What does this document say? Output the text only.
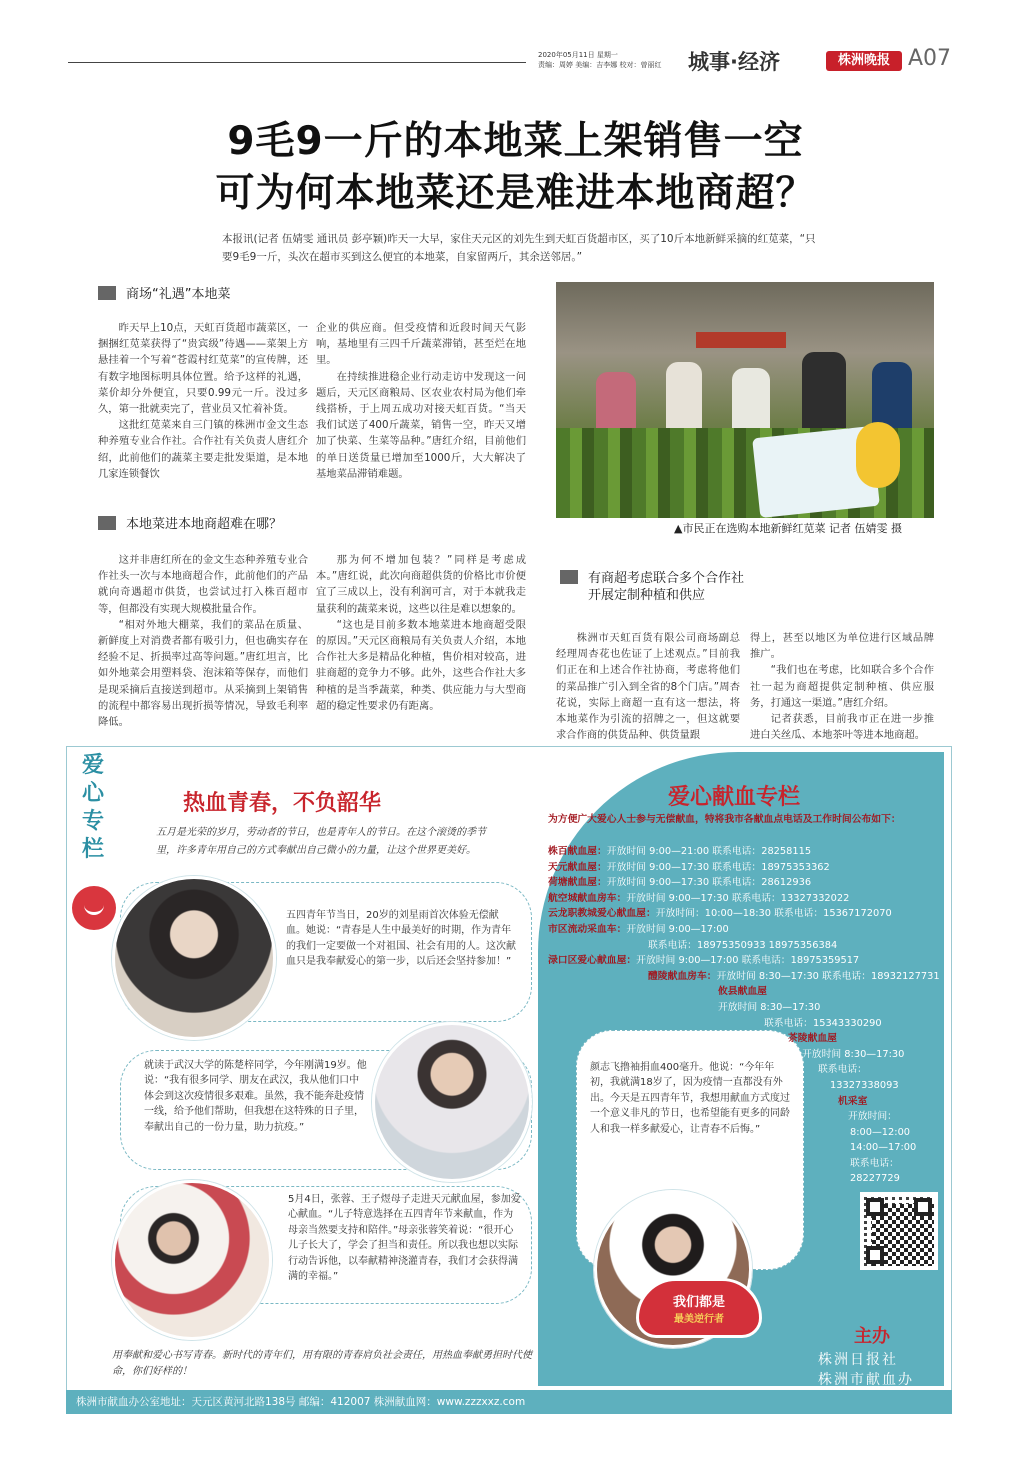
2020年05月11日 星期一
责编：周婷 美编：吉李娜 校对：曾丽红 城事·经济	株洲晚报 A07
9毛9一斤的本地菜上架销售一空
可为何本地菜还是难进本地商超？
本报讯(记者 伍婧雯 通讯员 彭亭颖)昨天一大早，家住天元区的刘先生到天虹百货超市区，买了10斤本地新鲜采摘的红苋菜，“只要9毛9一斤，头次在超市买到这么便宜的本地菜，自家留两斤，其余送邻居。”
商场“礼遇”本地菜

昨天早上10点，天虹百货超市蔬菜区，一捆捆红苋菜获得了“贵宾级”待遇——菜架上方悬挂着一个写着“苍霞村红苋菜”的宣传牌，还有数字地图标明具体位置。给予这样的礼遇，菜价却分外便宜，只要0.99元一斤。没过多久，第一批就卖完了，营业员又忙着补货。

这批红苋菜来自三门镇的株洲市金文生态种养殖专业合作社。合作社有关负责人唐红介绍，此前他们的蔬菜主要走批发渠道，是本地几家连锁餐饮

企业的供应商。但受疫情和近段时间天气影响，基地里有三四千斤蔬菜滞销，甚至烂在地里。

在持续推进稳企业行动走访中发现这一问题后，天元区商粮局、区农业农村局为他们牵线搭桥，于上周五成功对接天虹百货。“当天我们试送了400斤蔬菜，销售一空，昨天又增加了快菜、生菜等品种。”唐红介绍，目前他们的单日送货量已增加至1000斤，大大解决了基地菜品滞销难题。

▲市民正在选购本地新鲜红苋菜 记者 伍婧雯 摄
本地菜进本地商超难在哪？

这并非唐红所在的金文生态种养殖专业合作社头一次与本地商超合作，此前他们的产品就向奇遇超市供货，也尝试过打入株百超市等，但都没有实现大规模批量合作。

“相对外地大棚菜，我们的菜品在质量、新鲜度上对消费者都有吸引力，但也确实存在经验不足、折损率过高等问题。”唐红坦言，比如外地菜会用塑料袋、泡沫箱等保存，而他们是现采摘后直接送到超市。从采摘到上架销售的流程中都容易出现折损等情况，导致毛利率降低。

那为何不增加包装？”同样是考虑成本。”唐红说，此次向商超供货的价格比市价便宜了三成以上，没有利润可言，对于本就我走量获利的蔬菜来说，这些以往是难以想象的。

“这也是目前多数本地菜进本地商超受限的原因。”天元区商粮局有关负责人介绍，本地合作社大多是精品化种植，售价相对较高，进驻商超的竞争力不够。此外，这些合作社大多种植的是当季蔬菜，种类、供应能力与大型商超的稳定性要求仍有距离。

有商超考虑联合多个合作社
开展定制种植和供应

株洲市天虹百货有限公司商场副总经理周杏花也佐证了上述观点。”目前我们正在和上述合作社协商，考虑将他们的菜品推广引入到全省的8个门店。”周杏花说，实际上商超一直有这一想法，将本地菜作为引流的招牌之一，但这就要求合作商的供货品种、供货量跟

得上，甚至以地区为单位进行区域品牌推广。

“我们也在考虑，比如联合多个合作社一起为商超提供定制种植、供应服务，打通这一渠道。”唐红介绍。

记者获悉，目前我市正在进一步推进白关丝瓜、本地茶叶等进本地商超。

爱
心
专
栏
热血青春，不负韶华
五月是光荣的岁月，劳动者的节日，也是青年人的节日。在这个滚烫的季节里，许多青年用自己的方式奉献出自己微小的力量，让这个世界更美好。
五四青年节当日，20岁的刘星雨首次体验无偿献血。她说：“青春是人生中最美好的时期，作为青年的我们一定要做一个对祖国、社会有用的人。这次献血只是我奉献爱心的第一步，以后还会坚持参加！”
就读于武汉大学的陈楚梓同学，今年刚满19岁。他说：“我有很多同学、朋友在武汉，我从他们口中体会到这次疫情很多艰难。虽然，我不能奔赴疫情一线，给予他们帮助，但我想在这特殊的日子里，奉献出自己的一份力量，助力抗疫。”
5月4日，张蓉、王子煜母子走进天元献血屋，参加爱心献血。“儿子特意选择在五四青年节来献血，作为母亲当然要支持和陪伴。”母亲张蓉笑着说：“很开心儿子长大了，学会了担当和责任。所以我也想以实际行动告诉他，以奉献精神浇灌青春，我们才会获得满满的幸福。”
颜志飞撸袖捐血400毫升。他说：“今年年初，我就满18岁了，因为疫情一直都没有外出。今天是五四青年节，我想用献血方式度过一个意义非凡的节日，也希望能有更多的同龄人和我一样多献爱心，让青春不后悔。”
我们都是
最美逆行者
用奉献和爱心书写青春。新时代的青年们，用有限的青春肩负社会责任，用热血奉献勇担时代使命，你们好样的！
爱心献血专栏
为方便广大爱心人士参与无偿献血，特将我市各献血点电话及工作时间公布如下：
株百献血屋：开放时间 9:00—21:00 联系电话：28258115
天元献血屋：开放时间 9:00—17:30 联系电话：18975353362
荷塘献血屋：开放时间 9:00—17:30 联系电话：28612936
航空城献血房车：开放时间 9:00—17:30 联系电话：13327332022
云龙职教城爱心献血屋：开放时间：10:00—18:30 联系电话：15367172070
市区流动采血车：开放时间 9:00—17:00
联系电话：18975350933 18975356384
渌口区爱心献血屋：开放时间 9:00—17:00 联系电话：18975359517
醴陵献血房车：开放时间 8:30—17:30 联系电话：18932127731
攸县献血屋
开放时间 8:30—17:30
联系电话：15343330290
茶陵献血屋
开放时间 8:30—17:30
联系电话：
13327338093
机采室
开放时间：
8:00—12:00
14:00—17:00
联系电话：
28227729
主办
株洲日报社
株洲市献血办
株洲市献血办公室地址：天元区黄河北路138号 邮编：412007 株洲献血网：www.zzzxxz.com
